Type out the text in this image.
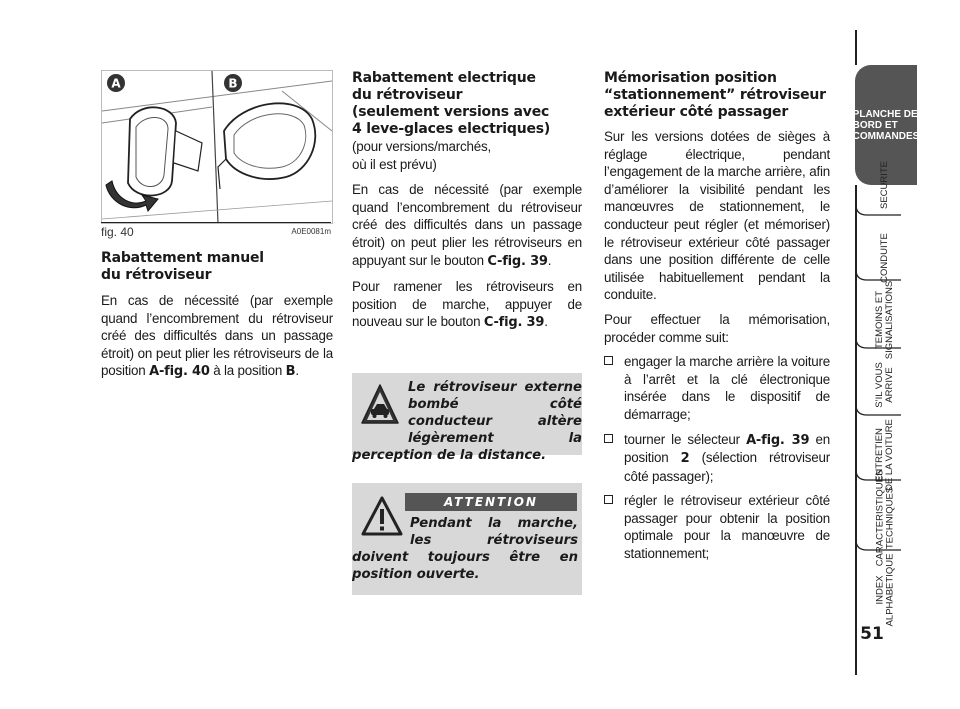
A	B
fig. 40	A0E0081m
Rabattement manuel
du rétroviseur

En cas de nécessité (par exemple quand l’encombrement du rétroviseur créé des difficultés dans un passage étroit) on peut plier les rétroviseurs de la position A-fig. 40 à la position B.

Rabattement electrique
du rétroviseur
(seulement versions avec
4 leve-glaces electriques)
(pour versions/marchés,
où il est prévu)

En cas de nécessité (par exemple quand l’encombrement du rétroviseur créé des difficultés dans un passage étroit) on peut plier les rétroviseurs en appuyant sur le bouton C-fig. 39.

Pour ramener les rétroviseurs en position de marche, appuyer de nouveau sur le bouton C-fig. 39.

Le rétroviseur externe bombé côté conducteur altère légèrement la perception de la distance.
Pendant la marche, les rétroviseurs doivent toujours être en position ouverte.
ATTENTION
Mémorisation position
“stationnement” rétroviseur
extérieur côté passager

Sur les versions dotées de sièges à réglage électrique, pendant l’engagement de la marche arrière, afin d’améliorer la visibilité pendant les manœuvres de stationnement, le conducteur peut régler (et mémoriser) le rétroviseur extérieur côté passager dans une position différente de celle utilisée habituellement pendant la conduite.

Pour effectuer la mémorisation, procéder comme suit:

engager la marche arrière la voiture à l’arrêt et la clé électronique insérée dans le dispositif de démarrage;
tourner le sélecteur A-fig. 39 en position 2 (sélection rétroviseur côté passager);
régler le rétroviseur extérieur côté passager pour obtenir la position optimale pour la manœuvre de stationnement;
PLANCHE DE BORD ET COMMANDES
SECURITE
CONDUITE
TEMOINS ET
SIGNALISATIONS
S’IL VOUS
ARRIVE
ENTRETIEN
DE LA VOITURE
CARACTERISTIQUES
TECHNIQUES
INDEX
ALPHABETIQUE
51
